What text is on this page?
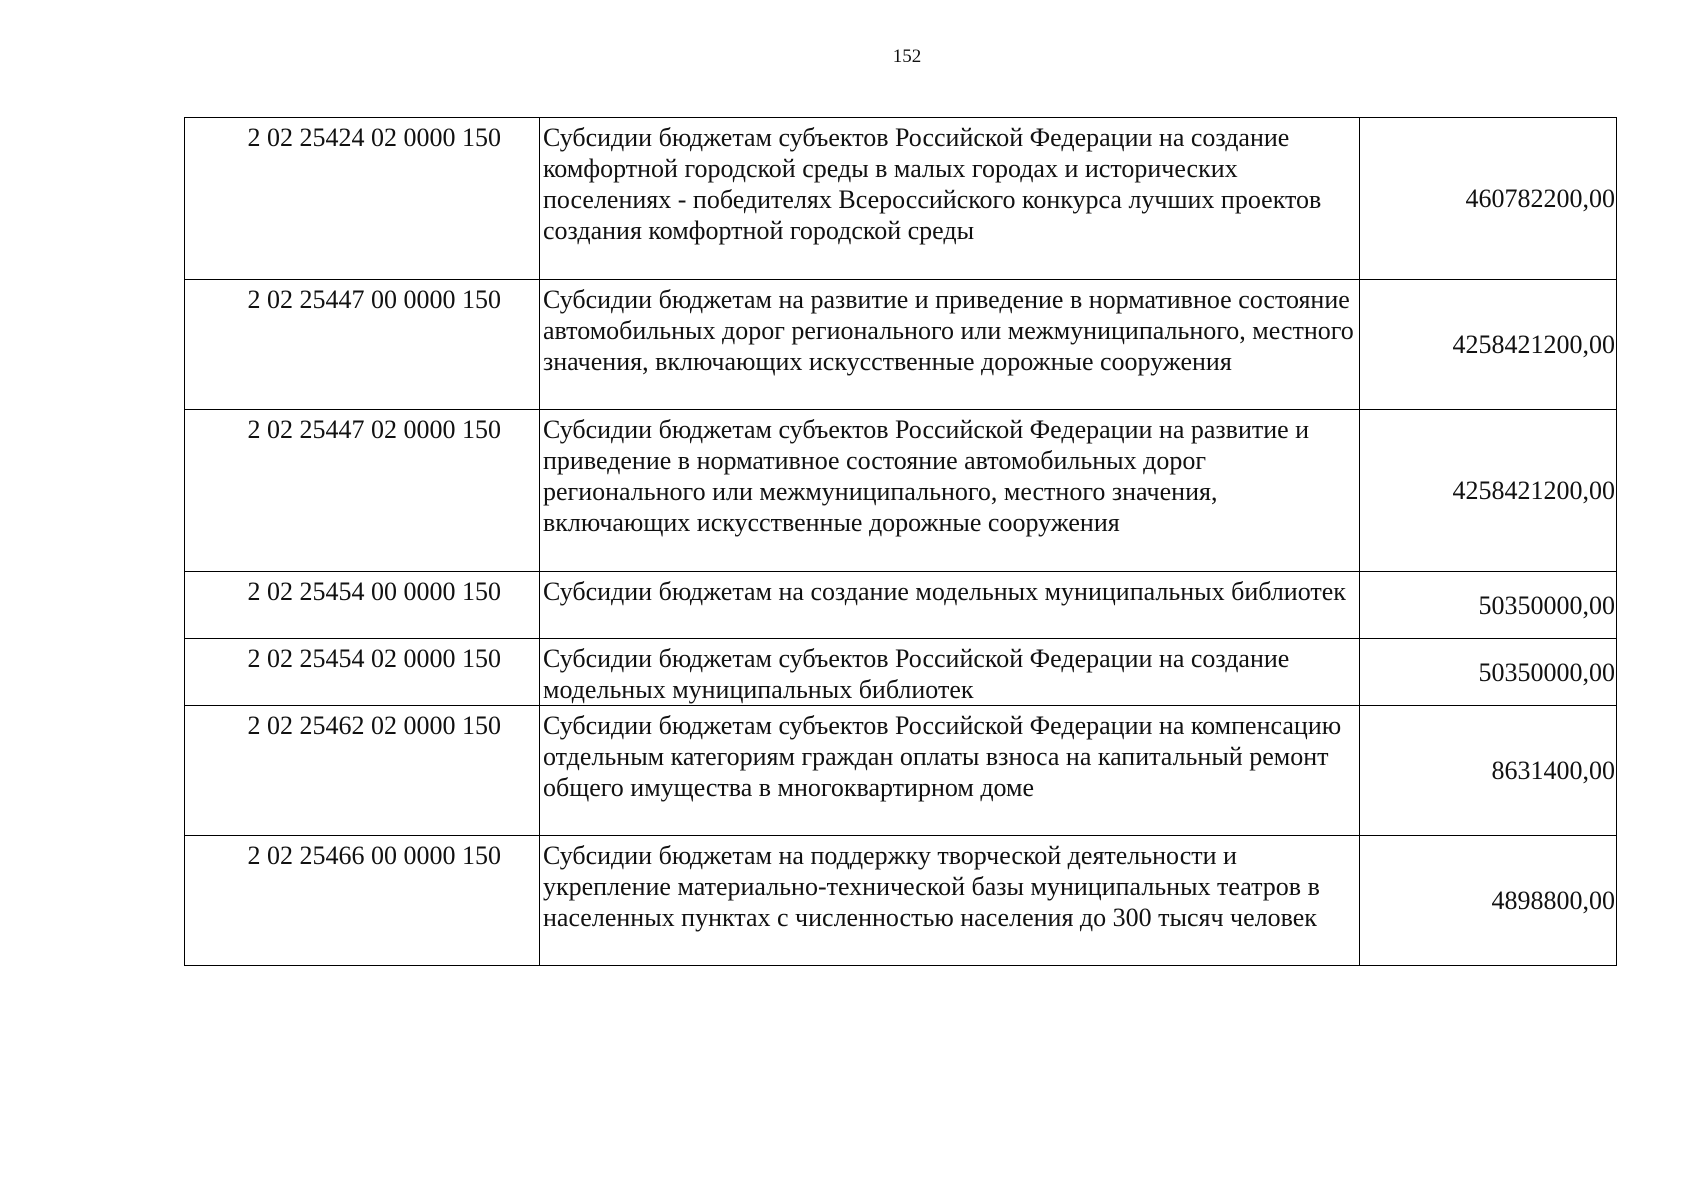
152
2 02 25424 02 0000 150	Субсидии бюджетам субъектов Российской Федерации на создание комфортной городской среды в малых городах и исторических поселениях - победителях Всероссийского конкурса лучших проектов создания комфортной городской среды	460782200,00
2 02 25447 00 0000 150	Субсидии бюджетам на развитие и приведение в нормативное состояние автомобильных дорог регионального или межмуниципального, местного значения, включающих искусственные дорожные сооружения	4258421200,00
2 02 25447 02 0000 150	Субсидии бюджетам субъектов Российской Федерации на развитие и приведение в нормативное состояние автомобильных дорог регионального или межмуниципального, местного значения, включающих искусственные дорожные сооружения	4258421200,00
2 02 25454 00 0000 150	Субсидии бюджетам на создание модельных муниципальных библиотек	50350000,00
2 02 25454 02 0000 150	Субсидии бюджетам субъектов Российской Федерации на создание модельных муниципальных библиотек	50350000,00
2 02 25462 02 0000 150	Субсидии бюджетам субъектов Российской Федерации на компенсацию отдельным категориям граждан оплаты взноса на капитальный ремонт общего имущества в многоквартирном доме	8631400,00
2 02 25466 00 0000 150	Субсидии бюджетам на поддержку творческой деятельности и укрепление материально-технической базы муниципальных театров в населенных пунктах с численностью населения до 300 тысяч человек	4898800,00
